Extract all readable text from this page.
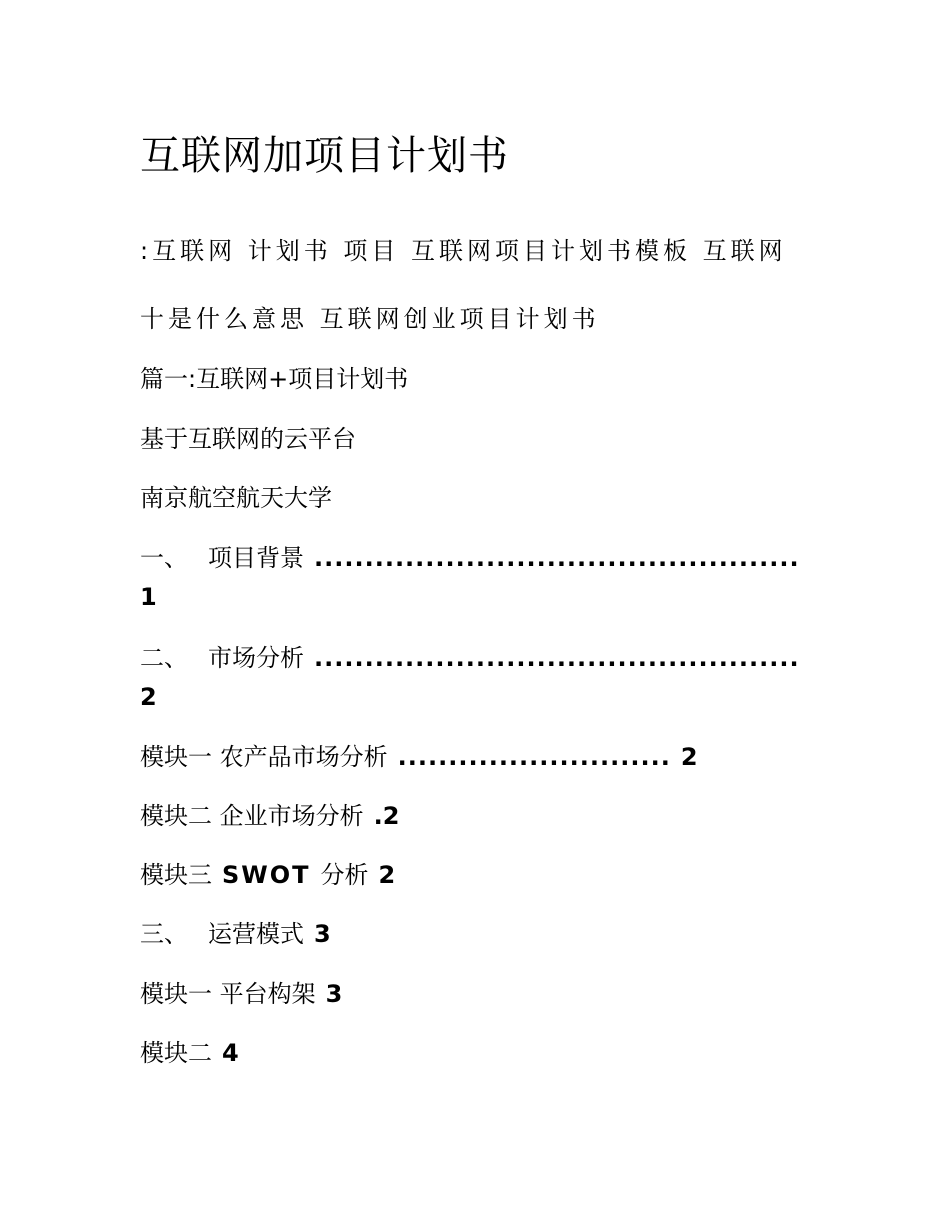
互联网加项目计划书
:互联网 计划书 项目 互联网项目计划书模板 互联网
十是什么意思 互联网创业项目计划书
篇一:互联网+项目计划书
基于互联网的云平台
南京航空航天大学
一、 项目背景 ................................................
1
二、 市场分析 ................................................
2
模块一 农产品市场分析 ........................... 2
模块二 企业市场分析 .2
模块三 SWOT 分析 2
三、 运营模式 3
模块一 平台构架 3
模块二 4
